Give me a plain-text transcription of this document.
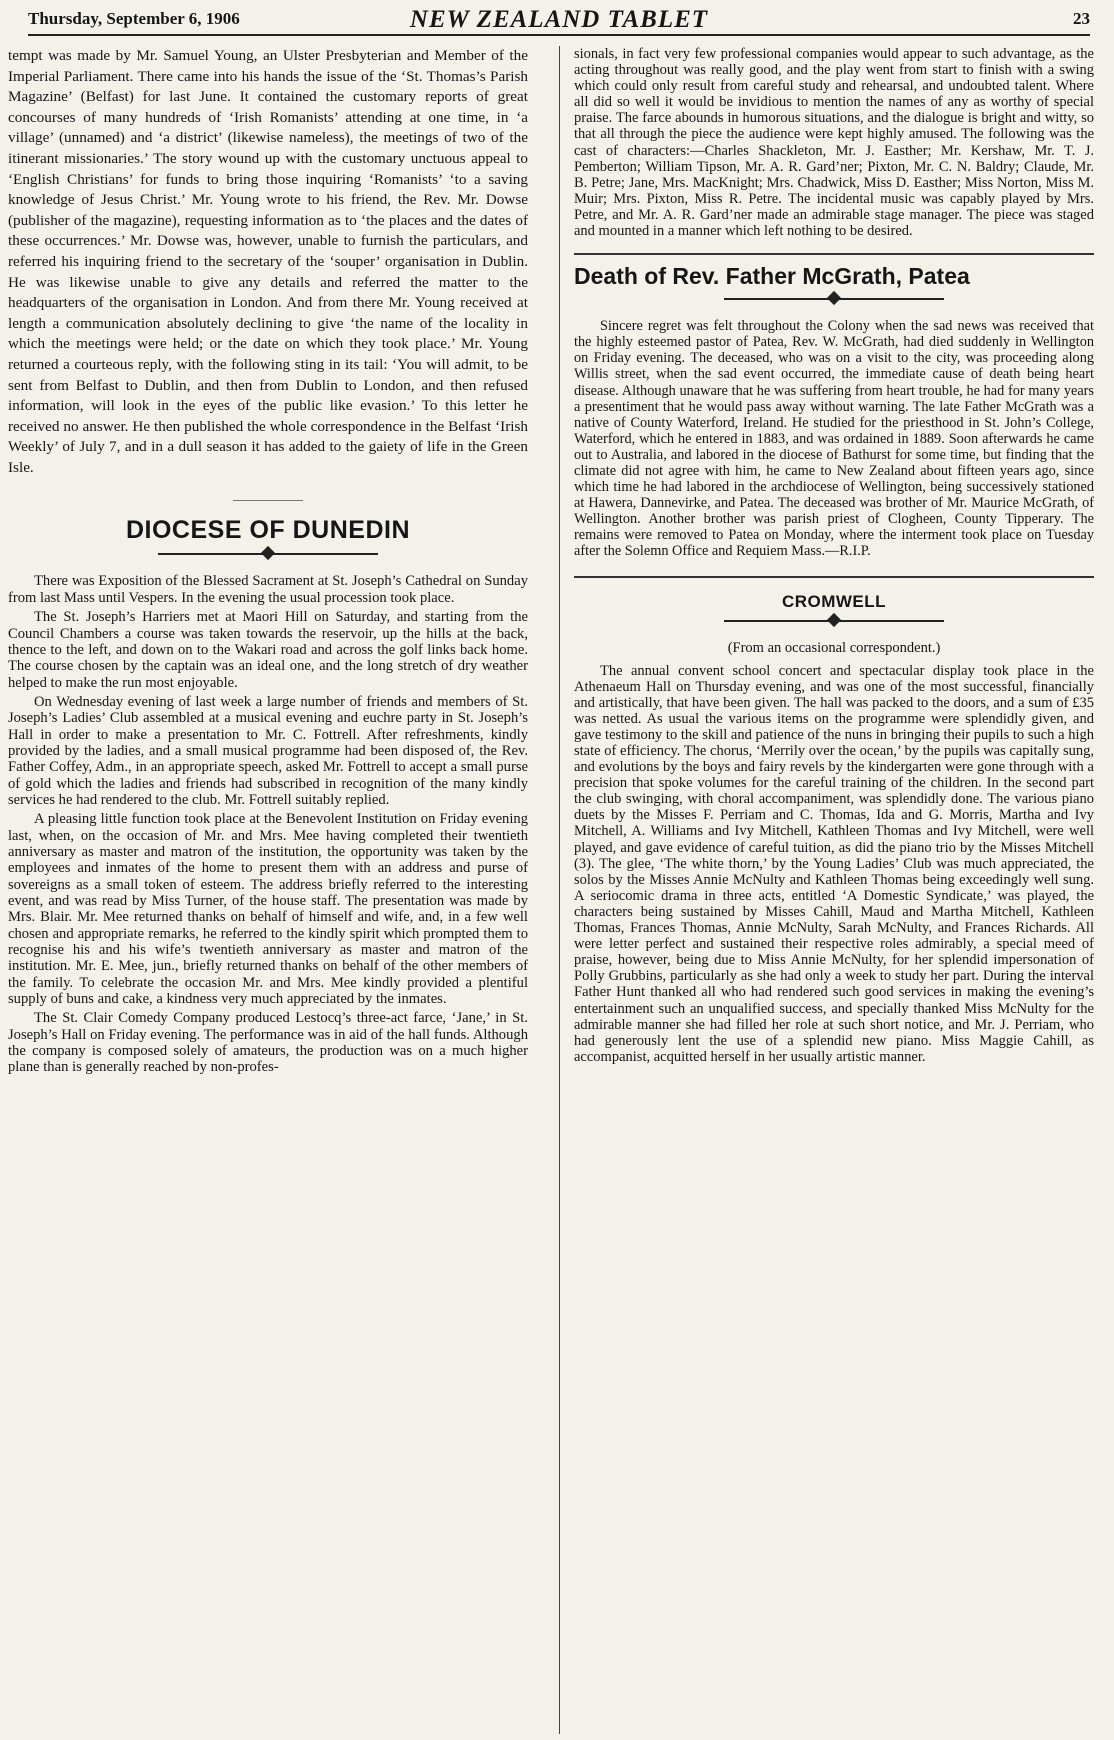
Thursday, September 6, 1906	NEW ZEALAND TABLET	23

tempt was made by Mr. Samuel Young, an Ulster Presbyterian and Member of the Imperial Parliament. There came into his hands the issue of the ‘St. Thomas’s Parish Magazine’ (Belfast) for last June. It contained the customary reports of great concourses of many hundreds of ‘Irish Romanists’ attending at one time, in ‘a village’ (unnamed) and ‘a district’ (likewise nameless), the meetings of two of the itinerant missionaries.’ The story wound up with the customary unctuous appeal to ‘English Christians’ for funds to bring those inquiring ‘Romanists’ ‘to a saving knowledge of Jesus Christ.’ Mr. Young wrote to his friend, the Rev. Mr. Dowse (publisher of the magazine), requesting information as to ‘the places and the dates of these occurrences.’ Mr. Dowse was, however, unable to furnish the particulars, and referred his inquiring friend to the secretary of the ‘souper’ organisation in Dublin. He was likewise unable to give any details and referred the matter to the headquarters of the organisation in London. And from there Mr. Young received at length a communication absolutely declining to give ‘the name of the locality in which the meetings were held; or the date on which they took place.’ Mr. Young returned a courteous reply, with the following sting in its tail: ‘You will admit, to be sent from Belfast to Dublin, and then from Dublin to London, and then refused information, will look in the eyes of the public like evasion.’ To this letter he received no answer. He then published the whole correspondence in the Belfast ‘Irish Weekly’ of July 7, and in a dull season it has added to the gaiety of life in the Green Isle.

DIOCESE OF DUNEDIN

There was Exposition of the Blessed Sacrament at St. Joseph’s Cathedral on Sunday from last Mass until Vespers. In the evening the usual procession took place.

The St. Joseph’s Harriers met at Maori Hill on Saturday, and starting from the Council Chambers a course was taken towards the reservoir, up the hills at the back, thence to the left, and down on to the Wakari road and across the golf links back home. The course chosen by the captain was an ideal one, and the long stretch of dry weather helped to make the run most enjoyable.

On Wednesday evening of last week a large number of friends and members of St. Joseph’s Ladies’ Club assembled at a musical evening and euchre party in St. Joseph’s Hall in order to make a presentation to Mr. C. Fottrell. After refreshments, kindly provided by the ladies, and a small musical programme had been disposed of, the Rev. Father Coffey, Adm., in an appropriate speech, asked Mr. Fottrell to accept a small purse of gold which the ladies and friends had subscribed in recognition of the many kindly services he had rendered to the club. Mr. Fottrell suitably replied.

A pleasing little function took place at the Benevolent Institution on Friday evening last, when, on the occasion of Mr. and Mrs. Mee having completed their twentieth anniversary as master and matron of the institution, the opportunity was taken by the employees and inmates of the home to present them with an address and purse of sovereigns as a small token of esteem. The address briefly referred to the interesting event, and was read by Miss Turner, of the house staff. The presentation was made by Mrs. Blair. Mr. Mee returned thanks on behalf of himself and wife, and, in a few well chosen and appropriate remarks, he referred to the kindly spirit which prompted them to recognise his and his wife’s twentieth anniversary as master and matron of the institution. Mr. E. Mee, jun., briefly returned thanks on behalf of the other members of the family. To celebrate the occasion Mr. and Mrs. Mee kindly provided a plentiful supply of buns and cake, a kindness very much appreciated by the inmates.

The St. Clair Comedy Company produced Lestocq’s three-act farce, ‘Jane,’ in St. Joseph’s Hall on Friday evening. The performance was in aid of the hall funds. Although the company is composed solely of amateurs, the production was on a much higher plane than is generally reached by non-profes-

sionals, in fact very few professional companies would appear to such advantage, as the acting throughout was really good, and the play went from start to finish with a swing which could only result from careful study and rehearsal, and undoubted talent. Where all did so well it would be invidious to mention the names of any as worthy of special praise. The farce abounds in humorous situations, and the dialogue is bright and witty, so that all through the piece the audience were kept highly amused. The following was the cast of characters:—Charles Shackleton, Mr. J. Easther; Mr. Kershaw, Mr. T. J. Pemberton; William Tipson, Mr. A. R. Gard’ner; Pixton, Mr. C. N. Baldry; Claude, Mr. B. Petre; Jane, Mrs. MacKnight; Mrs. Chadwick, Miss D. Easther; Miss Norton, Miss M. Muir; Mrs. Pixton, Miss R. Petre. The incidental music was capably played by Mrs. Petre, and Mr. A. R. Gard’ner made an admirable stage manager. The piece was staged and mounted in a manner which left nothing to be desired.

Death of Rev. Father McGrath, Patea

Sincere regret was felt throughout the Colony when the sad news was received that the highly esteemed pastor of Patea, Rev. W. McGrath, had died suddenly in Wellington on Friday evening. The deceased, who was on a visit to the city, was proceeding along Willis street, when the sad event occurred, the immediate cause of death being heart disease. Although unaware that he was suffering from heart trouble, he had for many years a presentiment that he would pass away without warning. The late Father McGrath was a native of County Waterford, Ireland. He studied for the priesthood in St. John’s College, Waterford, which he entered in 1883, and was ordained in 1889. Soon afterwards he came out to Australia, and labored in the diocese of Bathurst for some time, but finding that the climate did not agree with him, he came to New Zealand about fifteen years ago, since which time he had labored in the archdiocese of Wellington, being successively stationed at Hawera, Dannevirke, and Patea. The deceased was brother of Mr. Maurice McGrath, of Wellington. Another brother was parish priest of Clogheen, County Tipperary. The remains were removed to Patea on Monday, where the interment took place on Tuesday after the Solemn Office and Requiem Mass.—R.I.P.

CROMWELL
(From an occasional correspondent.)

The annual convent school concert and spectacular display took place in the Athenaeum Hall on Thursday evening, and was one of the most successful, financially and artistically, that have been given. The hall was packed to the doors, and a sum of £35 was netted. As usual the various items on the programme were splendidly given, and gave testimony to the skill and patience of the nuns in bringing their pupils to such a high state of efficiency. The chorus, ‘Merrily over the ocean,’ by the pupils was capitally sung, and evolutions by the boys and fairy revels by the kindergarten were gone through with a precision that spoke volumes for the careful training of the children. In the second part the club swinging, with choral accompaniment, was splendidly done. The various piano duets by the Misses F. Perriam and C. Thomas, Ida and G. Morris, Martha and Ivy Mitchell, A. Williams and Ivy Mitchell, Kathleen Thomas and Ivy Mitchell, were well played, and gave evidence of careful tuition, as did the piano trio by the Misses Mitchell (3). The glee, ‘The white thorn,’ by the Young Ladies’ Club was much appreciated, the solos by the Misses Annie McNulty and Kathleen Thomas being exceedingly well sung. A seriocomic drama in three acts, entitled ‘A Domestic Syndicate,’ was played, the characters being sustained by Misses Cahill, Maud and Martha Mitchell, Kathleen Thomas, Frances Thomas, Annie McNulty, Sarah McNulty, and Frances Richards. All were letter perfect and sustained their respective roles admirably, a special meed of praise, however, being due to Miss Annie McNulty, for her splendid impersonation of Polly Grubbins, particularly as she had only a week to study her part. During the interval Father Hunt thanked all who had rendered such good services in making the evening’s entertainment such an unqualified success, and specially thanked Miss McNulty for the admirable manner she had filled her role at such short notice, and Mr. J. Perriam, who had generously lent the use of a splendid new piano. Miss Maggie Cahill, as accompanist, acquitted herself in her usually artistic manner.
